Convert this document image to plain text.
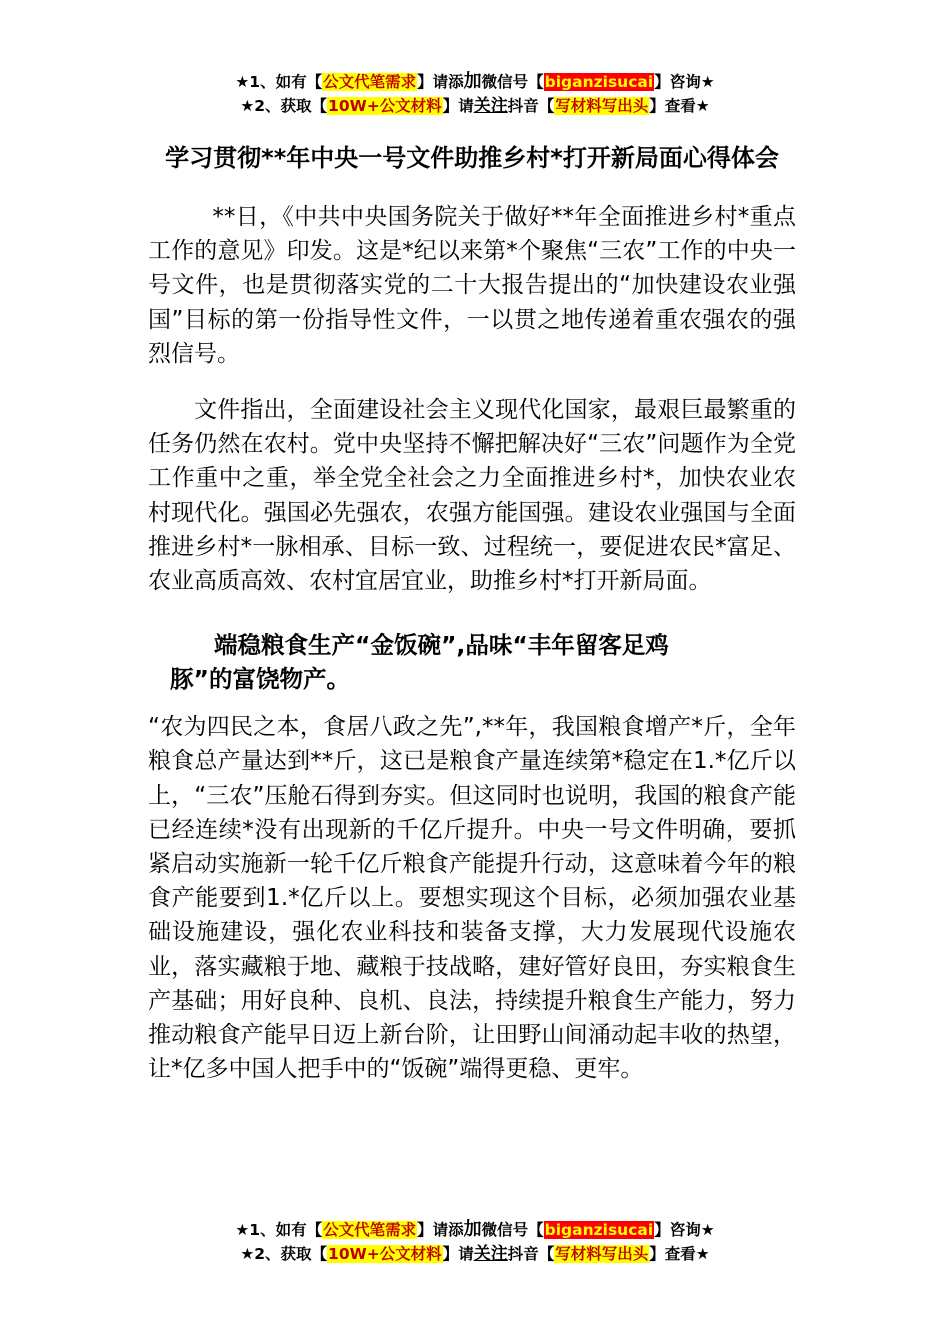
★1、如有【公文代笔需求】请添加微信号【biganzisucai】咨询★
★2、获取【10W+公文材料】请关注抖音【写材料写出头】查看★
学习贯彻**年中央一号文件助推乡村*打开新局面心得体会

**日，《中共中央国务院关于做好**年全面推进乡村*重点工作的意见》印发。这是*纪以来第*个聚焦“三农”工作的中央一号文件，也是贯彻落实党的二十大报告提出的“加快建设农业强国”目标的第一份指导性文件，一以贯之地传递着重农强农的强烈信号。

文件指出，全面建设社会主义现代化国家，最艰巨最繁重的任务仍然在农村。党中央坚持不懈把解决好“三农”问题作为全党工作重中之重，举全党全社会之力全面推进乡村*，加快农业农村现代化。强国必先强农，农强方能国强。建设农业强国与全面推进乡村*一脉相承、目标一致、过程统一，要促进农民*富足、农业高质高效、农村宜居宜业，助推乡村*打开新局面。

端稳粮食生产“金饭碗”,品味“丰年留客足鸡
豚”的富饶物产。

“农为四民之本，食居八政之先”,**年，我国粮食增产*斤，全年粮食总产量达到**斤，这已是粮食产量连续第*稳定在1.*亿斤以上，“三农”压舱石得到夯实。但这同时也说明，我国的粮食产能已经连续*没有出现新的千亿斤提升。中央一号文件明确，要抓紧启动实施新一轮千亿斤粮食产能提升行动，这意味着今年的粮食产能要到1.*亿斤以上。要想实现这个目标，必须加强农业基础设施建设，强化农业科技和装备支撑，大力发展现代设施农业，落实藏粮于地、藏粮于技战略，建好管好良田，夯实粮食生产基础；用好良种、良机、良法，持续提升粮食生产能力，努力推动粮食产能早日迈上新台阶，让田野山间涌动起丰收的热望，让*亿多中国人把手中的“饭碗”端得更稳、更牢。

★1、如有【公文代笔需求】请添加微信号【biganzisucai】咨询★
★2、获取【10W+公文材料】请关注抖音【写材料写出头】查看★
